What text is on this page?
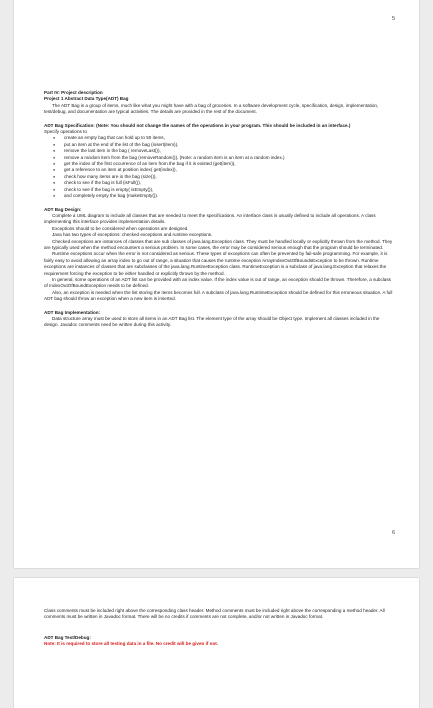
5
Part IV: Project description
Project 1 Abstract Data Type(ADT) Bag

The ADT Bag is a group of items, much like what you might have with a bag of groceries. In a software development cycle, specification, design, implementation, test/debug, and documentation are typical activities. The details are provided in the rest of the document.

ADT Bag Specification: (Note: You should not change the names of the operations in your program. This should be included in an interface.)

Specify operations to

● create an empty bag that can hold up to 50 items,
● put an item at the end of the list of the bag (insert(item)),
● remove the last item in the bag ( removeLast()),
● remove a random item from the bag (removeRandom()), (Note: a random item is an item at a random index.)
● get the index of the first occurrence of an item from the bag if it is existed (get(item)),
● get a reference to an item at position index( get(index)),
● check how many items are in the bag (size()),
● check to see if the bag is full (isFull()),
● check to see if the bag is empty( isEmpty()),
● and completely empty the bag (makeEmpty()).
ADT Bag Design:

Complete a UML diagram to include all classes that are needed to meet the specifications. An interface class is usually defined to include all operations. A class implementing this interface provides implementation details.

Exceptions should to be considered when operations are designed.

Java has two types of exceptions: checked exceptions and runtime exceptions.

Checked exceptions are instances of classes that are sub classes of java.lang.Exception class. They must be handled locally or explicitly thrown from the method. They are typically used when the method encounters a serious problem. In some cases, the error may be considered serious enough that the program should be terminated.

Runtime exceptions occur when the error is not considered as serious. These types of exceptions can often be prevented by fail-safe programming. For example, it is fairly easy to avoid allowing an array index to go out of range, a situation that causes the runtime exception ArrayIndexOutOfBoundsException to be thrown. Runtime exceptions are instances of classes that are subclasses of the java.lang.RuntimeException class. RuntimeException is a subclass of java.lang.Exception that relaxes the requirement forcing the exception to be either handled or explicitly thrown by the method.

In general, some operations of an ADT list can be provided with an index value. If the index value is out of range, an exception should be thrown. Therefore, a subclass of IndexOutOfBoundException needs to be defined.

Also, an exception is needed when the list storing the items becomes full. A subclass of java.lang.RuntimeException should be defined for this erroneous situation. A full ADT bag should throw an exception when a new item is inserted.

ADT Bag Implementation:

Data structure array must be used to store all items in an ADT Bag list. The element type of the array should be Object type. Implement all classes included in the design. Javadoc comments need be written during this activity.

6

Class comments must be included right above the corresponding class header. Method comments must be included right above the corresponding a method header. All comments must be written in Javadoc format. There will be no credits if comments are not complete, and/or not written in Javadoc format.

ADT Bag Test/Debug:

Note: It is required to store all testing data in a file. No credit will be given if not.
